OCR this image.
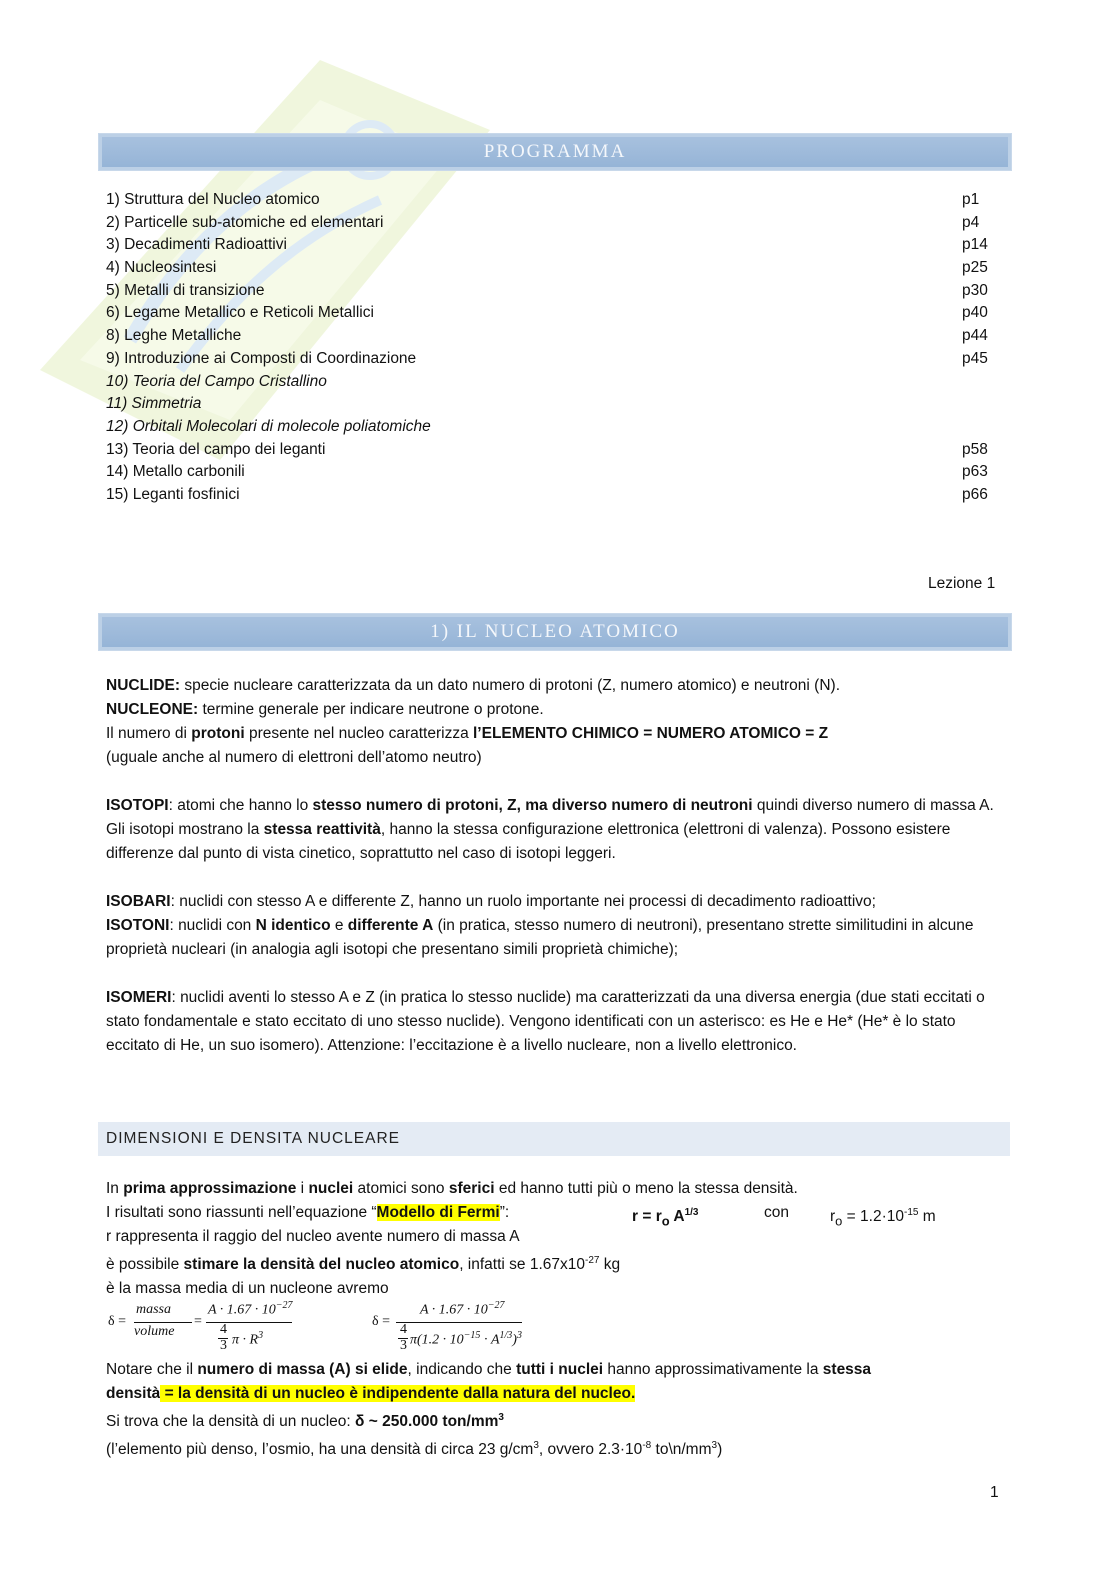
PROGRAMMA
1) Struttura del Nucleo atomico	p1
2) Particelle sub-atomiche ed elementari	p4
3) Decadimenti Radioattivi	p14
4) Nucleosintesi	p25
5) Metalli di transizione	p30
6) Legame Metallico e Reticoli Metallici	p40
8) Leghe Metalliche	p44
9) Introduzione ai Composti di Coordinazione	p45
10) Teoria del Campo Cristallino
11) Simmetria
12) Orbitali Molecolari di molecole poliatomiche
13) Teoria del campo dei leganti	p58
14) Metallo carbonili	p63
15) Leganti fosfinici	p66
Lezione 1
1) IL NUCLEO ATOMICO
NUCLIDE: specie nucleare caratterizzata da un dato numero di protoni (Z, numero atomico) e neutroni (N).
NUCLEONE: termine generale per indicare neutrone o protone.
Il numero di protoni presente nel nucleo caratterizza l’ELEMENTO CHIMICO = NUMERO ATOMICO = Z
(uguale anche al numero di elettroni dell’atomo neutro)
ISOTOPI: atomi che hanno lo stesso numero di protoni, Z, ma diverso numero di neutroni quindi diverso numero di massa A. Gli isotopi mostrano la stessa reattività, hanno la stessa configurazione elettronica (elettroni di valenza). Possono esistere differenze dal punto di vista cinetico, soprattutto nel caso di isotopi leggeri.
ISOBARI: nuclidi con stesso A e differente Z, hanno un ruolo importante nei processi di decadimento radioattivo;
ISOTONI: nuclidi con N identico e differente A (in pratica, stesso numero di neutroni), presentano strette similitudini in alcune proprietà nucleari (in analogia agli isotopi che presentano simili proprietà chimiche);
ISOMERI: nuclidi aventi lo stesso A e Z (in pratica lo stesso nuclide) ma caratterizzati da una diversa energia (due stati eccitati o stato fondamentale e stato eccitato di uno stesso nuclide). Vengono identificati con un asterisco: es He e He* (He* è lo stato eccitato di He, un suo isomero). Attenzione: l’eccitazione è a livello nucleare, non a livello elettronico.
DIMENSIONI E DENSITA NUCLEARE
In prima approssimazione i nuclei atomici sono sferici ed hanno tutti più o meno la stessa densità.
I risultati sono riassunti nell’equazione “Modello di Fermi”:	$r = r_o$ $A^{1/3}$	con	$r_o = 1.2\cdot 10^{-15}$ m
r rappresenta il raggio del nucleo avente numero di massa A
è possibile stimare la densità del nucleo atomico, infatti se $1.67x10^{-27}$ kg
è la massa media di un nucleone avremo
δ =
massa
volume
=
$A \cdot 1.67 \cdot 10^{-27}$
4
3 $\pi \cdot R^3$
δ =
$A \cdot 1.67 \cdot 10^{-27}$
4
3 $\pi(1.2 \cdot 10^{-15} \cdot A^{1/3})^3$
Notare che il numero di massa (A) si elide, indicando che tutti i nuclei hanno approssimativamente la stessa
densità = la densità di un nucleo è indipendente dalla natura del nucleo.
Si trova che la densità di un nucleo: δ ~ 250.000 ton/$mm^3$
(l’elemento più denso, l’osmio, ha una densità di circa 23 $g/cm^3$, ovvero $2.3\cdot 10^{-8}$ $to\backslash n/mm^3$)
1
